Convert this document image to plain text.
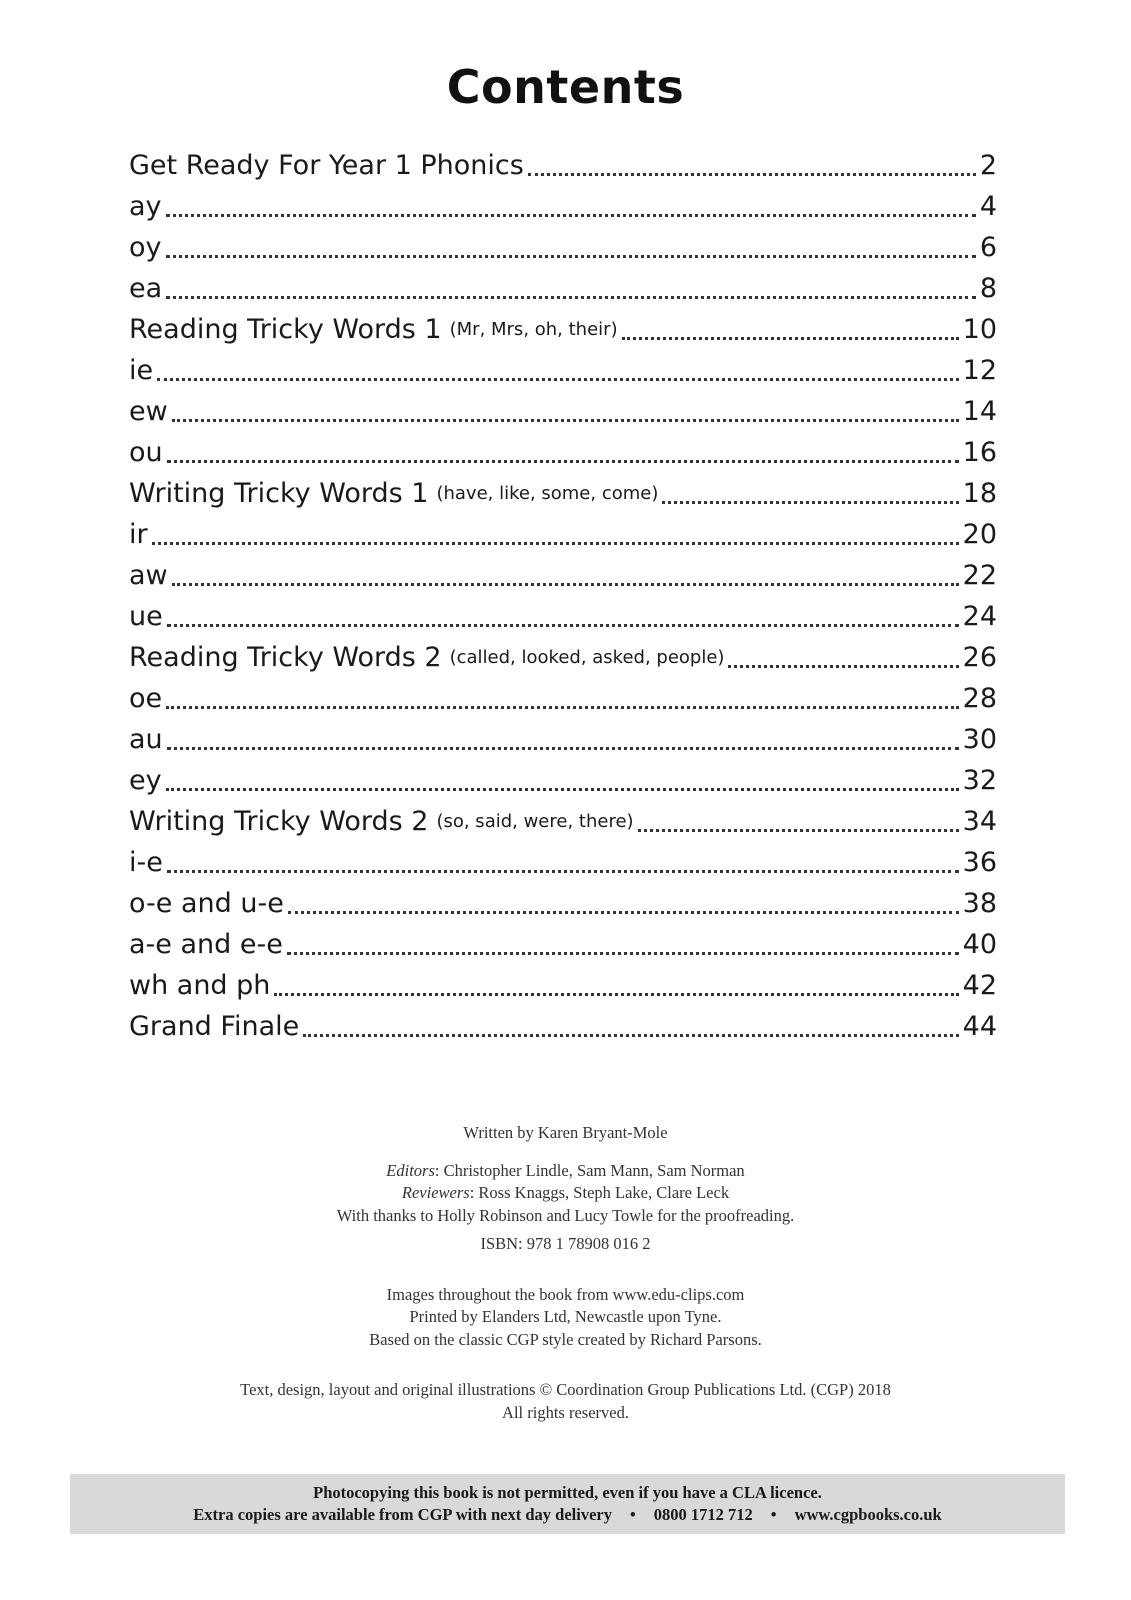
Contents
Get Ready For Year 1 Phonics	2
ay	4
oy	6
ea	8
Reading Tricky Words 1 (Mr, Mrs, oh, their)	10
ie	12
ew	14
ou	16
Writing Tricky Words 1 (have, like, some, come)	18
ir	20
aw	22
ue	24
Reading Tricky Words 2 (called, looked, asked, people)	26
oe	28
au	30
ey	32
Writing Tricky Words 2 (so, said, were, there)	34
i-e	36
o-e and u-e	38
a-e and e-e	40
wh and ph	42
Grand Finale	44

Written by Karen Bryant-Mole

Editors: Christopher Lindle, Sam Mann, Sam Norman

Reviewers: Ross Knaggs, Steph Lake, Clare Leck

With thanks to Holly Robinson and Lucy Towle for the proofreading.

ISBN: 978 1 78908 016 2

Images throughout the book from www.edu-clips.com

Printed by Elanders Ltd, Newcastle upon Tyne.

Based on the classic CGP style created by Richard Parsons.

Text, design, layout and original illustrations © Coordination Group Publications Ltd. (CGP) 2018

All rights reserved.

Photocopying this book is not permitted, even if you have a CLA licence.

Extra copies are available from CGP with next day delivery • 0800 1712 712 • www.cgpbooks.co.uk
